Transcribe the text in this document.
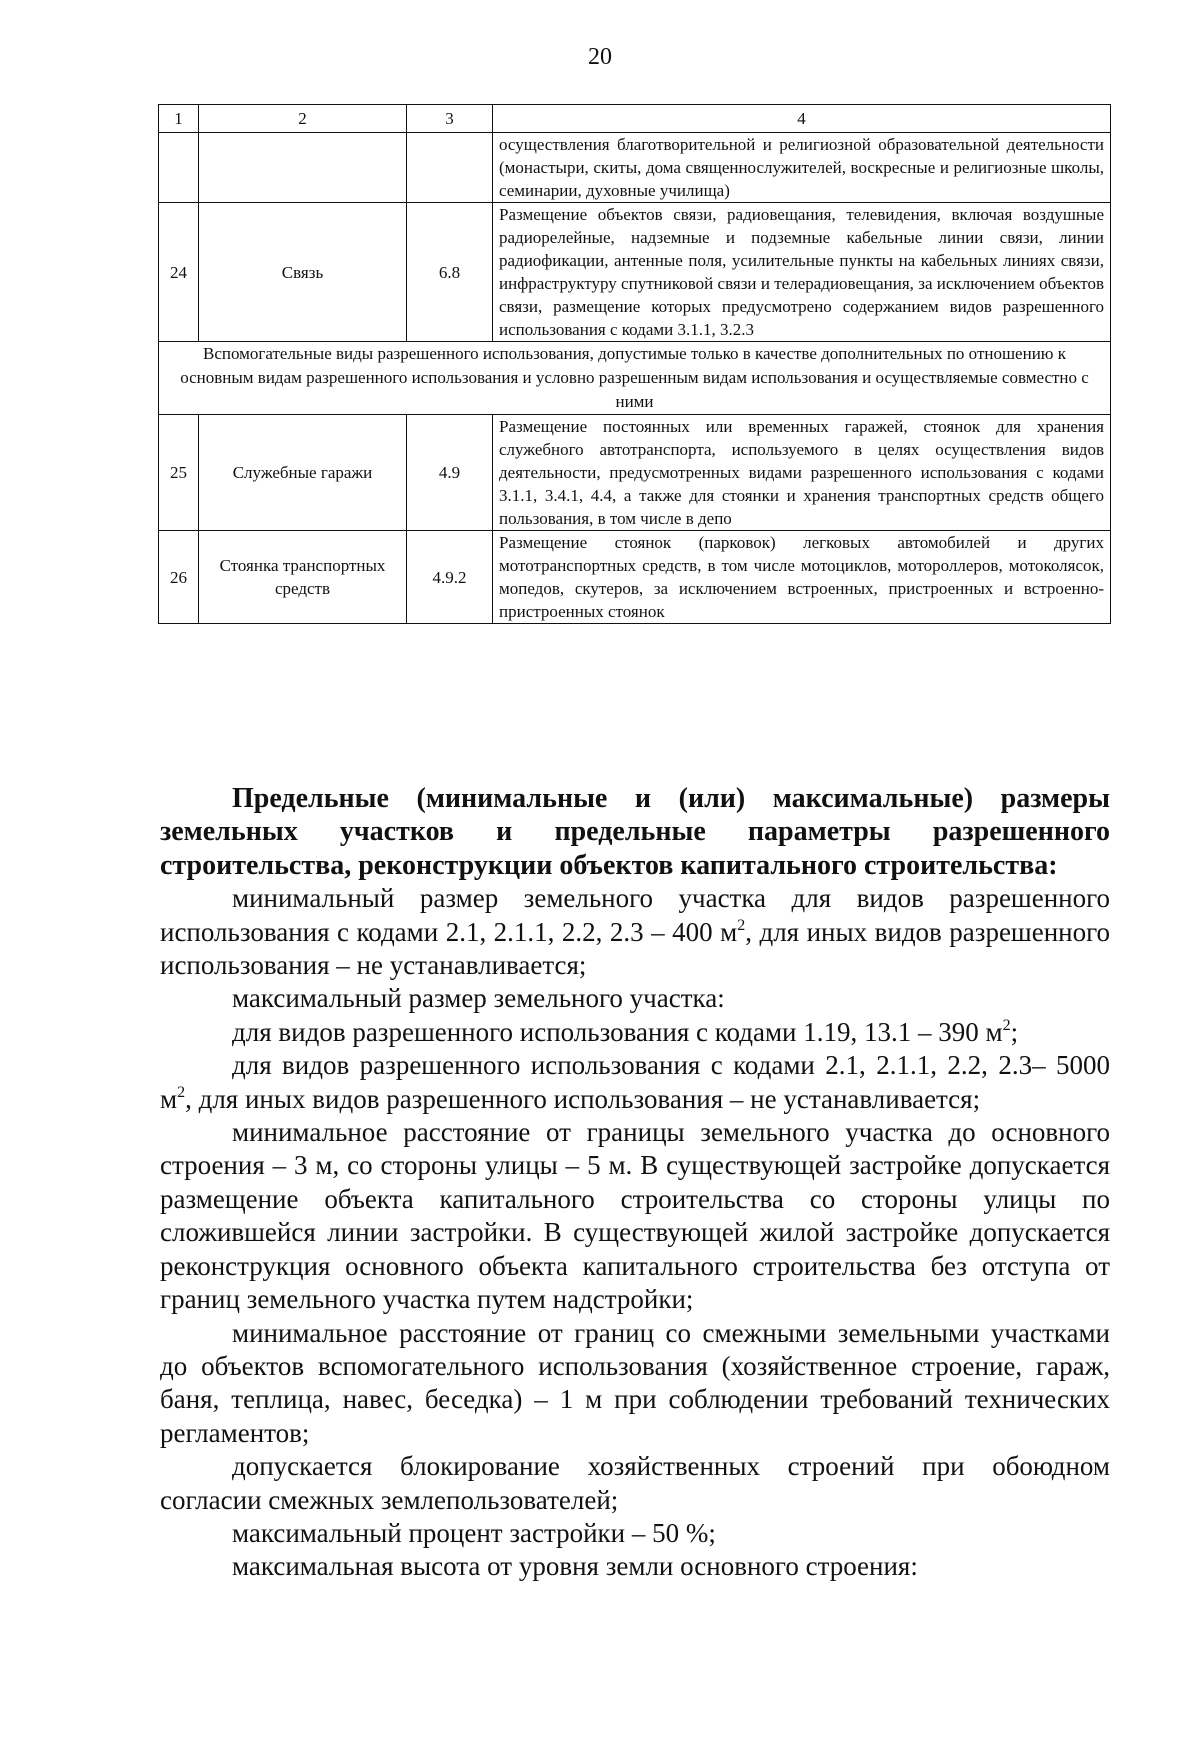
20
1	2	3	4
			осуществления благотворительной и религиозной образовательной деятельности (монастыри, скиты, дома священнослужителей, воскресные и религиозные школы, семинарии, духовные училища)
24	Связь	6.8	Размещение объектов связи, радиовещания, телевидения, включая воздушные радиорелейные, надземные и подземные кабельные линии связи, линии радиофикации, антенные поля, усилительные пункты на кабельных линиях связи, инфраструктуру спутниковой связи и телерадиовещания, за исключением объектов связи, размещение которых предусмотрено содержанием видов разрешенного использования с кодами 3.1.1, 3.2.3
Вспомогательные виды разрешенного использования, допустимые только в качестве дополнительных по отношению к основным видам разрешенного использования и условно разрешенным видам использования и осуществляемые совместно с ними			
25	Служебные гаражи	4.9	Размещение постоянных или временных гаражей, стоянок для хранения служебного автотранспорта, используемого в целях осуществления видов деятельности, предусмотренных видами разрешенного использования с кодами 3.1.1, 3.4.1, 4.4, а также для стоянки и хранения транспортных средств общего пользования, в том числе в депо
26	Стоянка транспортных средств	4.9.2	Размещение стоянок (парковок) легковых автомобилей и других мототранспортных средств, в том числе мотоциклов, мотороллеров, мотоколясок, мопедов, скутеров, за исключением встроенных, пристроенных и встроенно-пристроенных стоянок
Предельные (минимальные и (или) максимальные) размеры земельных участков и предельные параметры разрешенного строительства, реконструкции объектов капитального строительства:

минимальный размер земельного участка для видов разрешенного использования с кодами 2.1, 2.1.1, 2.2, 2.3 – 400 $м^2$, для иных видов разрешенного использования – не устанавливается;

максимальный размер земельного участка:

для видов разрешенного использования с кодами 1.19, 13.1 – 390 $м^2$;

для видов разрешенного использования с кодами 2.1, 2.1.1, 2.2, 2.3– 5000 $м^2$, для иных видов разрешенного использования – не устанавливается;

минимальное расстояние от границы земельного участка до основного строения – 3 м, со стороны улицы – 5 м. В существующей застройке допускается размещение объекта капитального строительства со стороны улицы по сложившейся линии застройки. В существующей жилой застройке допускается реконструкция основного объекта капитального строительства без отступа от границ земельного участка путем надстройки;

минимальное расстояние от границ со смежными земельными участками до объектов вспомогательного использования (хозяйственное строение, гараж, баня, теплица, навес, беседка) – 1 м при соблюдении требований технических регламентов;

допускается блокирование хозяйственных строений при обоюдном согласии смежных землепользователей;

максимальный процент застройки – 50 %;

максимальная высота от уровня земли основного строения:
